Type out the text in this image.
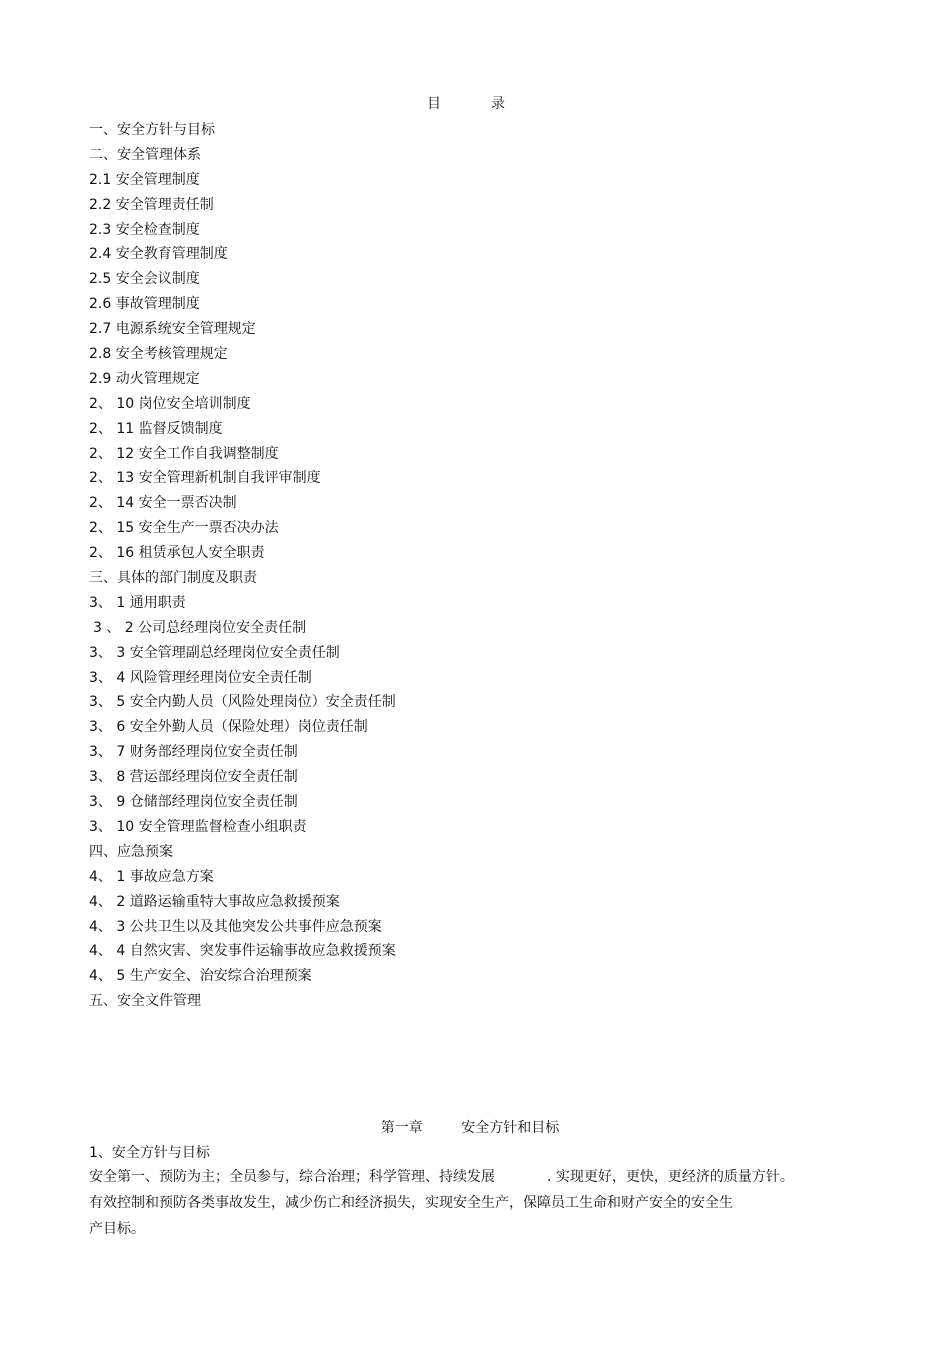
目　录
一、安全方针与目标
二、安全管理体系
2.1 安全管理制度
2.2 安全管理责任制
2.3 安全检查制度
2.4 安全教育管理制度
2.5 安全会议制度
2.6 事故管理制度
2.7 电源系统安全管理规定
2.8 安全考核管理规定
2.9 动火管理规定
2、 10 岗位安全培训制度
2、 11 监督反馈制度
2、 12 安全工作自我调整制度
2、 13 安全管理新机制自我评审制度
2、 14 安全一票否决制
2、 15 安全生产一票否决办法
2、 16 租赁承包人安全职责
三、具体的部门制度及职责
3、 1 通用职责
3 、 2 公司总经理岗位安全责任制
3、 3 安全管理副总经理岗位安全责任制
3、 4 风险管理经理岗位安全责任制
3、 5 安全内勤人员（风险处理岗位）安全责任制
3、 6 安全外勤人员（保险处理）岗位责任制
3、 7 财务部经理岗位安全责任制
3、 8 营运部经理岗位安全责任制
3、 9 仓储部经理岗位安全责任制
3、 10 安全管理监督检查小组职责
四、应急预案
4、 1 事故应急方案
4、 2 道路运输重特大事故应急救援预案
4、 3 公共卫生以及其他突发公共事件应急预案
4、 4 自然灾害、突发事件运输事故应急救援预案
4、 5 生产安全、治安综合治理预案
五、安全文件管理
第一章	安全方针和目标
1、安全方针与目标
安全第一、预防为主；全员参与，综合治理；科学管理、持续发展	. 实现更好，更快，更经济的质量方针。
有效控制和预防各类事故发生，减少伤亡和经济损失，实现安全生产，保障员工生命和财产安全的安全生
产目标。
